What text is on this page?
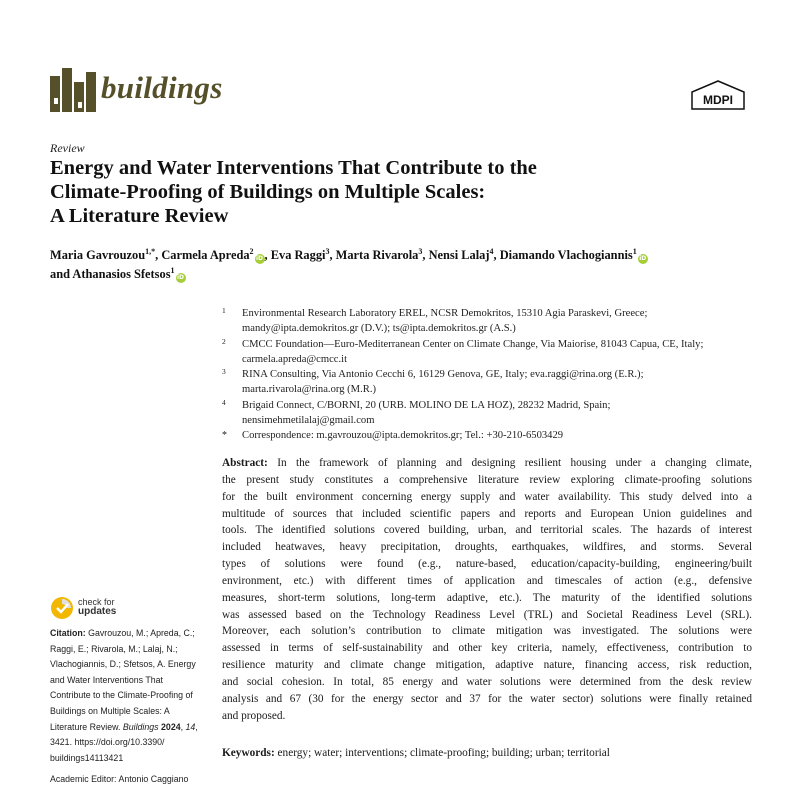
buildings	MDPI
Review
Energy and Water Interventions That Contribute to the
Climate-Proofing of Buildings on Multiple Scales:
A Literature Review
Maria Gavrouzou$^{1,*}$, Carmela Apreda$^2$iD, Eva Raggi$^3$, Marta Rivarola$^3$, Nensi Lalaj$^4$, Diamando Vlachogiannis$^1$iD
and Athanasios Sfetsos$^1$iD
1 Environmental Research Laboratory EREL, NCSR Demokritos, 15310 Agia Paraskevi, Greece;
mandy@ipta.demokritos.gr (D.V.); ts@ipta.demokritos.gr (A.S.)
2 CMCC Foundation—Euro-Mediterranean Center on Climate Change, Via Maiorise, 81043 Capua, CE, Italy;
carmela.apreda@cmcc.it
3 RINA Consulting, Via Antonio Cecchi 6, 16129 Genova, GE, Italy; eva.raggi@rina.org (E.R.);
marta.rivarola@rina.org (M.R.)
4 Brigaid Connect, C/BORNI, 20 (URB. MOLINO DE LA HOZ), 28232 Madrid, Spain;
nensimehmetilalaj@gmail.com
* Correspondence: m.gavrouzou@ipta.demokritos.gr; Tel.: +30-210-6503429
Abstract: In the framework of planning and designing resilient housing under a changing climate,
the present study constitutes a comprehensive literature review exploring climate-proofing solutions
for the built environment concerning energy supply and water availability. This study delved into a
multitude of sources that included scientific papers and reports and European Union guidelines and
tools. The identified solutions covered building, urban, and territorial scales. The hazards of interest
included heatwaves, heavy precipitation, droughts, earthquakes, wildfires, and storms. Several
types of solutions were found (e.g., nature-based, education/capacity-building, engineering/built
environment, etc.) with different times of application and timescales of action (e.g., defensive
measures, short-term solutions, long-term adaptive, etc.). The maturity of the identified solutions
was assessed based on the Technology Readiness Level (TRL) and Societal Readiness Level (SRL).
Moreover, each solution’s contribution to climate mitigation was investigated. The solutions were
assessed in terms of self-sustainability and other key criteria, namely, effectiveness, contribution to
resilience maturity and climate change mitigation, adaptive nature, financing access, risk reduction,
and social cohesion. In total, 85 energy and water solutions were determined from the desk review
analysis and 67 (30 for the energy sector and 37 for the water sector) solutions were finally retained
and proposed.
Keywords: energy; water; interventions; climate-proofing; building; urban; territorial
check for
updates
Citation: Gavrouzou, M.; Apreda, C.;
Raggi, E.; Rivarola, M.; Lalaj, N.;
Vlachogiannis, D.; Sfetsos, A. Energy
and Water Interventions That
Contribute to the Climate-Proofing of
Buildings on Multiple Scales: A
Literature Review. Buildings 2024, 14,
3421. https://doi.org/10.3390/
buildings14113421
Academic Editor: Antonio Caggiano
